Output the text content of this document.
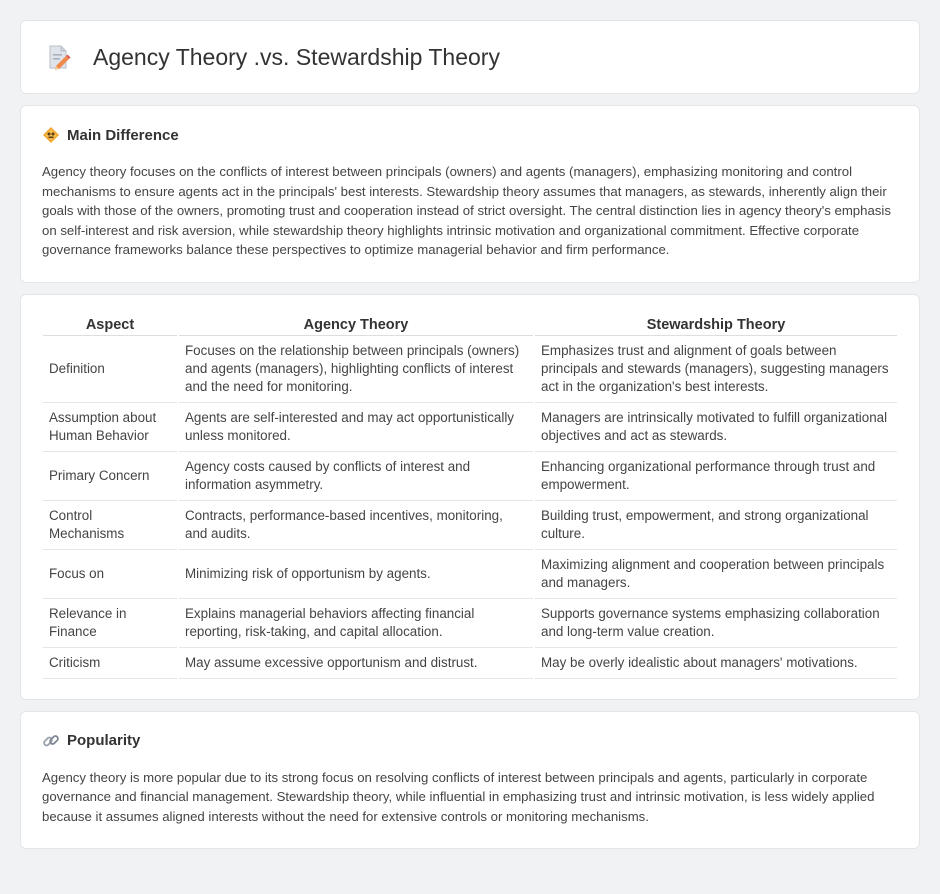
Agency Theory .vs. Stewardship Theory
Main Difference

Agency theory focuses on the conflicts of interest between principals (owners) and agents (managers), emphasizing monitoring and control mechanisms to ensure agents act in the principals' best interests. Stewardship theory assumes that managers, as stewards, inherently align their goals with those of the owners, promoting trust and cooperation instead of strict oversight. The central distinction lies in agency theory's emphasis on self-interest and risk aversion, while stewardship theory highlights intrinsic motivation and organizational commitment. Effective corporate governance frameworks balance these perspectives to optimize managerial behavior and firm performance.

Aspect	Agency Theory	Stewardship Theory
Definition	Focuses on the relationship between principals (owners) and agents (managers), highlighting conflicts of interest and the need for monitoring.	Emphasizes trust and alignment of goals between principals and stewards (managers), suggesting managers act in the organization's best interests.
Assumption about Human Behavior	Agents are self-interested and may act opportunistically unless monitored.	Managers are intrinsically motivated to fulfill organizational objectives and act as stewards.
Primary Concern	Agency costs caused by conflicts of interest and information asymmetry.	Enhancing organizational performance through trust and empowerment.
Control Mechanisms	Contracts, performance-based incentives, monitoring, and audits.	Building trust, empowerment, and strong organizational culture.
Focus on	Minimizing risk of opportunism by agents.	Maximizing alignment and cooperation between principals and managers.
Relevance in Finance	Explains managerial behaviors affecting financial reporting, risk-taking, and capital allocation.	Supports governance systems emphasizing collaboration and long-term value creation.
Criticism	May assume excessive opportunism and distrust.	May be overly idealistic about managers' motivations.
Popularity

Agency theory is more popular due to its strong focus on resolving conflicts of interest between principals and agents, particularly in corporate governance and financial management. Stewardship theory, while influential in emphasizing trust and intrinsic motivation, is less widely applied because it assumes aligned interests without the need for extensive controls or monitoring mechanisms.
